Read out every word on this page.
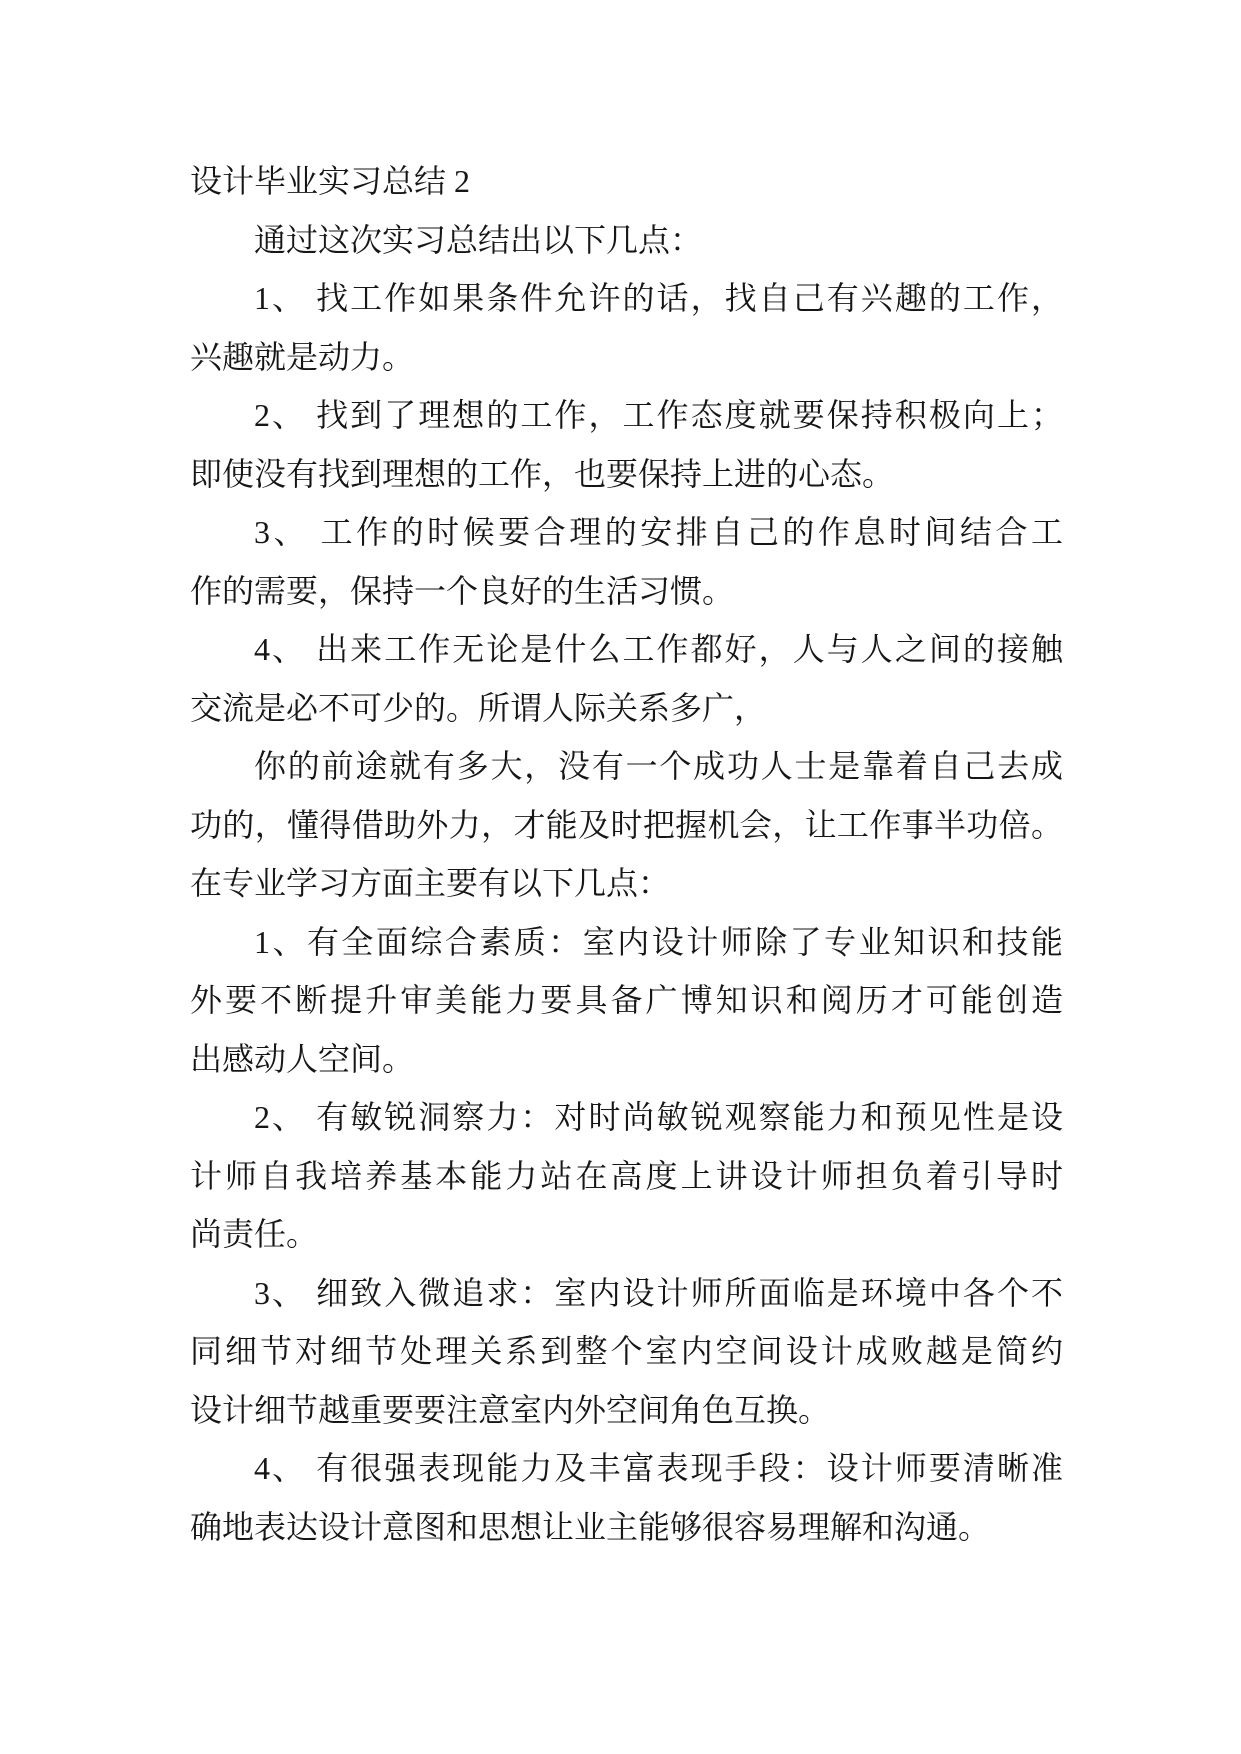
设计毕业实习总结 2
通过这次实习总结出以下几点：
1、 找工作如果条件允许的话，找自己有兴趣的工作，
兴趣就是动力。
2、 找到了理想的工作，工作态度就要保持积极向上；
即使没有找到理想的工作，也要保持上进的心态。
3、 工作的时候要合理的安排自己的作息时间结合工
作的需要，保持一个良好的生活习惯。
4、 出来工作无论是什么工作都好，人与人之间的接触
交流是必不可少的。所谓人际关系多广，
你的前途就有多大，没有一个成功人士是靠着自己去成
功的，懂得借助外力，才能及时把握机会，让工作事半功倍。
在专业学习方面主要有以下几点：
1、有全面综合素质：室内设计师除了专业知识和技能
外要不断提升审美能力要具备广博知识和阅历才可能创造
出感动人空间。
2、 有敏锐洞察力：对时尚敏锐观察能力和预见性是设
计师自我培养基本能力站在高度上讲设计师担负着引导时
尚责任。
3、 细致入微追求：室内设计师所面临是环境中各个不
同细节对细节处理关系到整个室内空间设计成败越是简约
设计细节越重要要注意室内外空间角色互换。
4、 有很强表现能力及丰富表现手段：设计师要清晰准
确地表达设计意图和思想让业主能够很容易理解和沟通。
